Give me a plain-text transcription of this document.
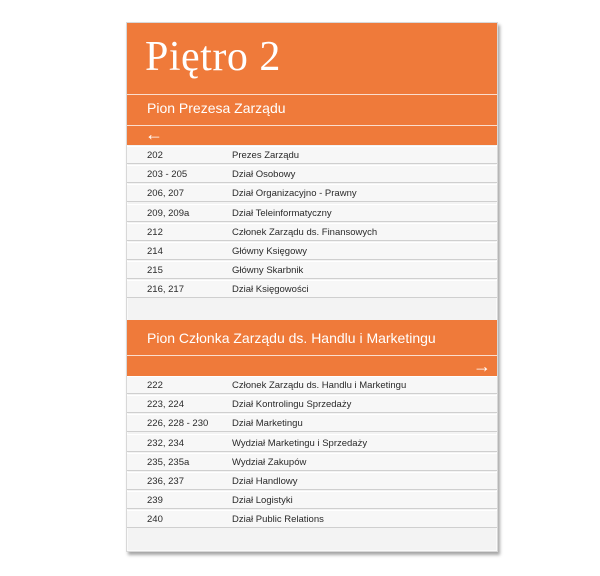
Piętro 2
Pion Prezesa Zarządu
←
202	Prezes Zarządu
203 - 205	Dział Osobowy
206, 207	Dział Organizacyjno - Prawny
209, 209a	Dział Teleinformatyczny
212	Członek Zarządu ds. Finansowych
214	Główny Księgowy
215	Główny Skarbnik
216, 217	Dział Księgowości
Pion Członka Zarządu ds. Handlu i Marketingu
→
222	Członek Zarządu ds. Handlu i Marketingu
223, 224	Dział Kontrolingu Sprzedaży
226, 228 - 230 Dział Marketingu
232, 234	Wydział Marketingu i Sprzedaży
235, 235a	Wydział Zakupów
236, 237	Dział Handlowy
239	Dział Logistyki
240	Dział Public Relations
